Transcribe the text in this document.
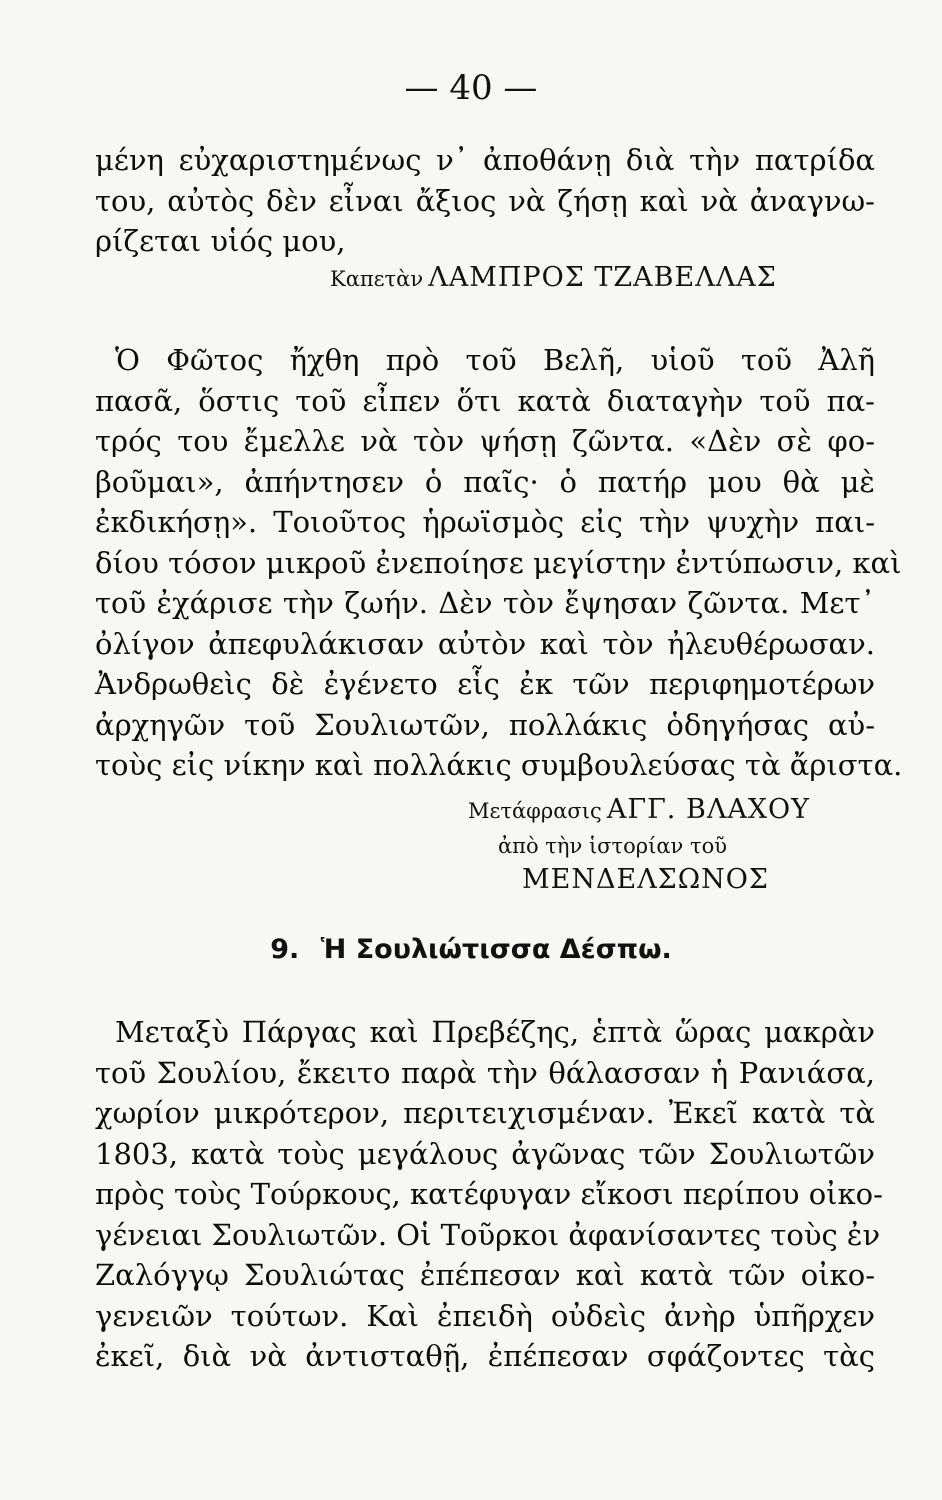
— 40 —
μένη εὐχαριστημένως ν᾿ ἀποθάνῃ διὰ τὴν πατρίδα
του, αὐτὸς δὲν εἶναι ἄξιος νὰ ζήσῃ καὶ νὰ ἀναγνω-
ρίζεται υἱός μου,
Καπετὰν ΛΑΜΠΡΟΣ ΤΖΑΒΕΛΛΑΣ
Ὁ Φῶτος ἤχθη πρὸ τοῦ Βελῆ, υἱοῦ τοῦ Ἀλῆ
πασᾶ, ὅστις τοῦ εἶπεν ὅτι κατὰ διαταγὴν τοῦ πα-
τρός του ἔμελλε νὰ τὸν ψήσῃ ζῶντα. «Δὲν σὲ φο-
βοῦμαι», ἀπήντησεν ὁ παῖς· ὁ πατήρ μου θὰ μὲ
ἐκδικήσῃ». Τοιοῦτος ἡρωϊσμὸς εἰς τὴν ψυχὴν παι-
δίου τόσον μικροῦ ἐνεποίησε μεγίστην ἐντύπωσιν, καὶ
τοῦ ἐχάρισε τὴν ζωήν. Δὲν τὸν ἔψησαν ζῶντα. Μετ᾿
ὀλίγον ἀπεφυλάκισαν αὐτὸν καὶ τὸν ἠλευθέρωσαν.
Ἀνδρωθεὶς δὲ ἐγένετο εἷς ἐκ τῶν περιφημοτέρων
ἀρχηγῶν τοῦ Σουλιωτῶν, πολλάκις ὁδηγήσας αὐ-
τοὺς εἰς νίκην καὶ πολλάκις συμβουλεύσας τὰ ἄριστα.
Μετάφρασις ΑΓΓ. ΒΛΑΧΟΥ
ἀπὸ τὴν ἱστορίαν τοῦ
ΜΕΝΔΕΛΣΩΝΟΣ
9. Ἡ Σουλιώτισσα Δέσπω.
Μεταξὺ Πάργας καὶ Πρεβέζης, ἑπτὰ ὥρας μακρὰν
τοῦ Σουλίου, ἔκειτο παρὰ τὴν θάλασσαν ἡ Ρανιάσα,
χωρίον μικρότερον, περιτειχισμέναν. Ἐκεῖ κατὰ τὰ
1803, κατὰ τοὺς μεγάλους ἀγῶνας τῶν Σουλιωτῶν
πρὸς τοὺς Τούρκους, κατέφυγαν εἴκοσι περίπου οἰκο-
γένειαι Σουλιωτῶν. Οἱ Τοῦρκοι ἀφανίσαντες τοὺς ἐν
Ζαλόγγῳ Σουλιώτας ἐπέπεσαν καὶ κατὰ τῶν οἰκο-
γενειῶν τούτων. Καὶ ἐπειδὴ οὐδεὶς ἀνὴρ ὑπῆρχεν
ἐκεῖ, διὰ νὰ ἀντισταθῇ, ἐπέπεσαν σφάζοντες τὰς
